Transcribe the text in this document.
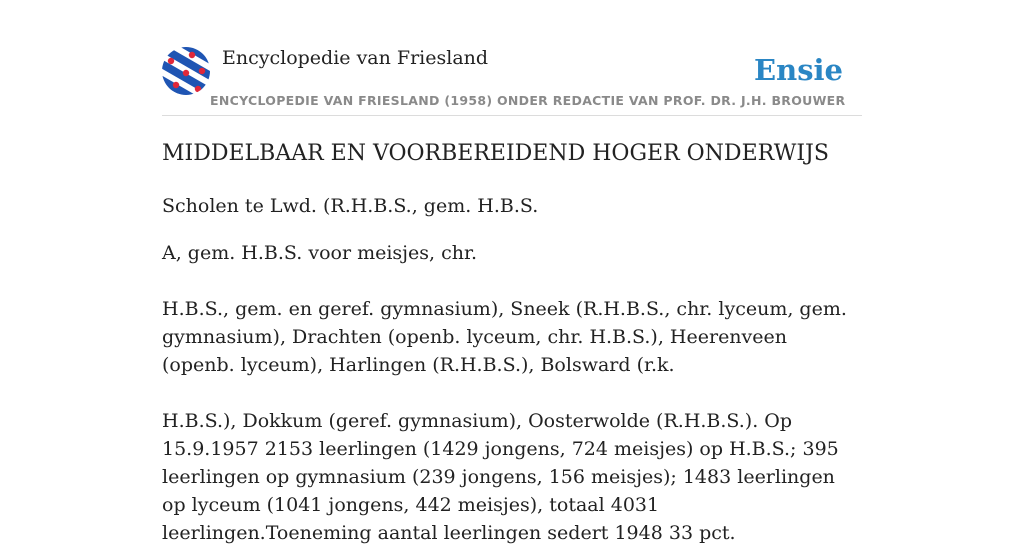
Encyclopedie van Friesland	Ensie
ENCYCLOPEDIE VAN FRIESLAND (1958) ONDER REDACTIE VAN PROF. DR. J.H. BROUWER
MIDDELBAAR EN VOORBEREIDEND HOGER ONDERWIJS

Scholen te Lwd. (R.H.B.S., gem. H.B.S.

A, gem. H.B.S. voor meisjes, chr.

H.B.S., gem. en geref. gymnasium), Sneek (R.H.B.S., chr. lyceum, gem. gymnasium), Drachten (openb. lyceum, chr. H.B.S.), Heerenveen (openb. lyceum), Harlingen (R.H.B.S.), Bolsward (r.k.

H.B.S.), Dokkum (geref. gymnasium), Oosterwolde (R.H.B.S.). Op 15.9.1957 2153 leerlingen (1429 jongens, 724 meisjes) op H.B.S.; 395 leerlingen op gymnasium (239 jongens, 156 meisjes); 1483 leerlingen op lyceum (1041 jongens, 442 meisjes), totaal 4031 leerlingen.Toeneming aantal leerlingen sedert 1948 33 pct.
